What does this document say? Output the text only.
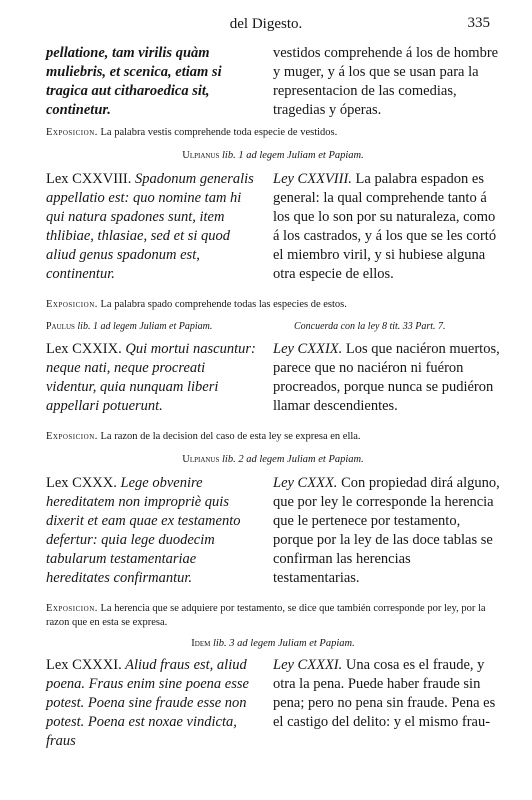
del Digesto.	335

pellatione, tam virilis quàm muliebris, et scenica, etiam si tragica aut citharoedica sit, continetur.

vestidos comprehende á los de hombre y muger, y á los que se usan para la representacion de las comedias, tragedias y óperas.

Exposicion. La palabra vestis comprehende toda especie de vestidos.
Ulpianus lib. 1 ad legem Juliam et Papiam.

Lex CXXVIII. Spadonum generalis appellatio est: quo nomine tam hi qui natura spadones sunt, item thlibiae, thlasiae, sed et si quod aliud genus spadonum est, continentur.

Ley CXXVIII. La palabra espadon es general: la qual comprehende tanto á los que lo son por su naturaleza, como á los castrados, y á los que se les cortó el miembro viril, y si hubiese alguna otra especie de ellos.

Exposicion. La palabra spado comprehende todas las especies de estos.
Paulus lib. 1 ad legem Juliam et Papiam.	Concuerda con la ley 8 tit. 33 Part. 7.

Lex CXXIX. Qui mortui nascuntur: neque nati, neque procreati videntur, quia nunquam liberi appellari potuerunt.

Ley CXXIX. Los que naciéron muertos, parece que no naciéron ni fuéron procreados, porque nunca se pudiéron llamar descendientes.

Exposicion. La razon de la decision del caso de esta ley se expresa en ella.
Ulpianus lib. 2 ad legem Juliam et Papiam.

Lex CXXX. Lege obvenire hereditatem non impropriè quis dixerit et eam quae ex testamento defertur: quia lege duodecim tabularum testamentariae hereditates confirmantur.

Ley CXXX. Con propiedad dirá alguno, que por ley le corresponde la herencia que le pertenece por testamento, porque por la ley de las doce tablas se confirman las herencias testamentarias.

Exposicion. La herencia que se adquiere por testamento, se dice que también corresponde por ley, por la razon que en esta se expresa.
Idem lib. 3 ad legem Juliam et Papiam.

Lex CXXXI. Aliud fraus est, aliud poena. Fraus enim sine poena esse potest. Poena sine fraude esse non potest. Poena est noxae vindicta, fraus

Ley CXXXI. Una cosa es el fraude, y otra la pena. Puede haber fraude sin pena; pero no pena sin fraude. Pena es el castigo del delito: y el mismo frau-
